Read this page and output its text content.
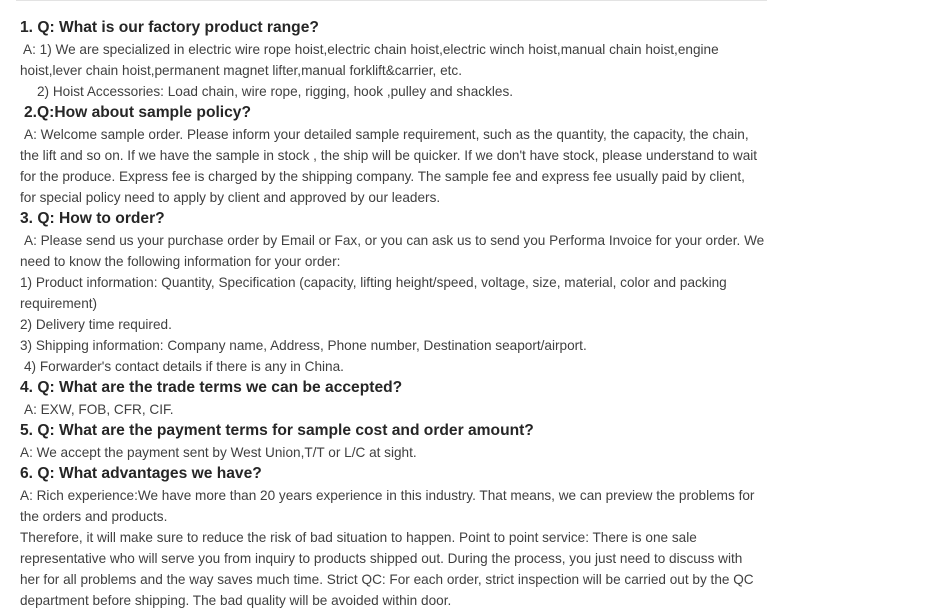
1. Q: What is our factory product range?
A: 1) We are specialized in electric wire rope hoist,electric chain hoist,electric winch hoist,manual chain hoist,engine
hoist,lever chain hoist,permanent magnet lifter,manual forklift&carrier, etc.
2) Hoist Accessories: Load chain, wire rope, rigging, hook ,pulley and shackles.
2.Q:How about sample policy?
A: Welcome sample order. Please inform your detailed sample requirement, such as the quantity, the capacity, the chain,
the lift and so on. If we have the sample in stock , the ship will be quicker. If we don't have stock, please understand to wait
for the produce. Express fee is charged by the shipping company. The sample fee and express fee usually paid by client,
for special policy need to apply by client and approved by our leaders.
3. Q: How to order?
A: Please send us your purchase order by Email or Fax, or you can ask us to send you Performa Invoice for your order. We
need to know the following information for your order:
1) Product information: Quantity, Specification (capacity, lifting height/speed, voltage, size, material, color and packing
requirement)
2) Delivery time required.
3) Shipping information: Company name, Address, Phone number, Destination seaport/airport.
4) Forwarder's contact details if there is any in China.
4. Q: What are the trade terms we can be accepted?
A: EXW, FOB, CFR, CIF.
5. Q: What are the payment terms for sample cost and order amount?
A: We accept the payment sent by West Union,T/T or L/C at sight.
6. Q: What advantages we have?
A: Rich experience:We have more than 20 years experience in this industry. That means, we can preview the problems for
the orders and products.
Therefore, it will make sure to reduce the risk of bad situation to happen. Point to point service: There is one sale
representative who will serve you from inquiry to products shipped out. During the process, you just need to discuss with
her for all problems and the way saves much time. Strict QC: For each order, strict inspection will be carried out by the QC
department before shipping. The bad quality will be avoided within door.
